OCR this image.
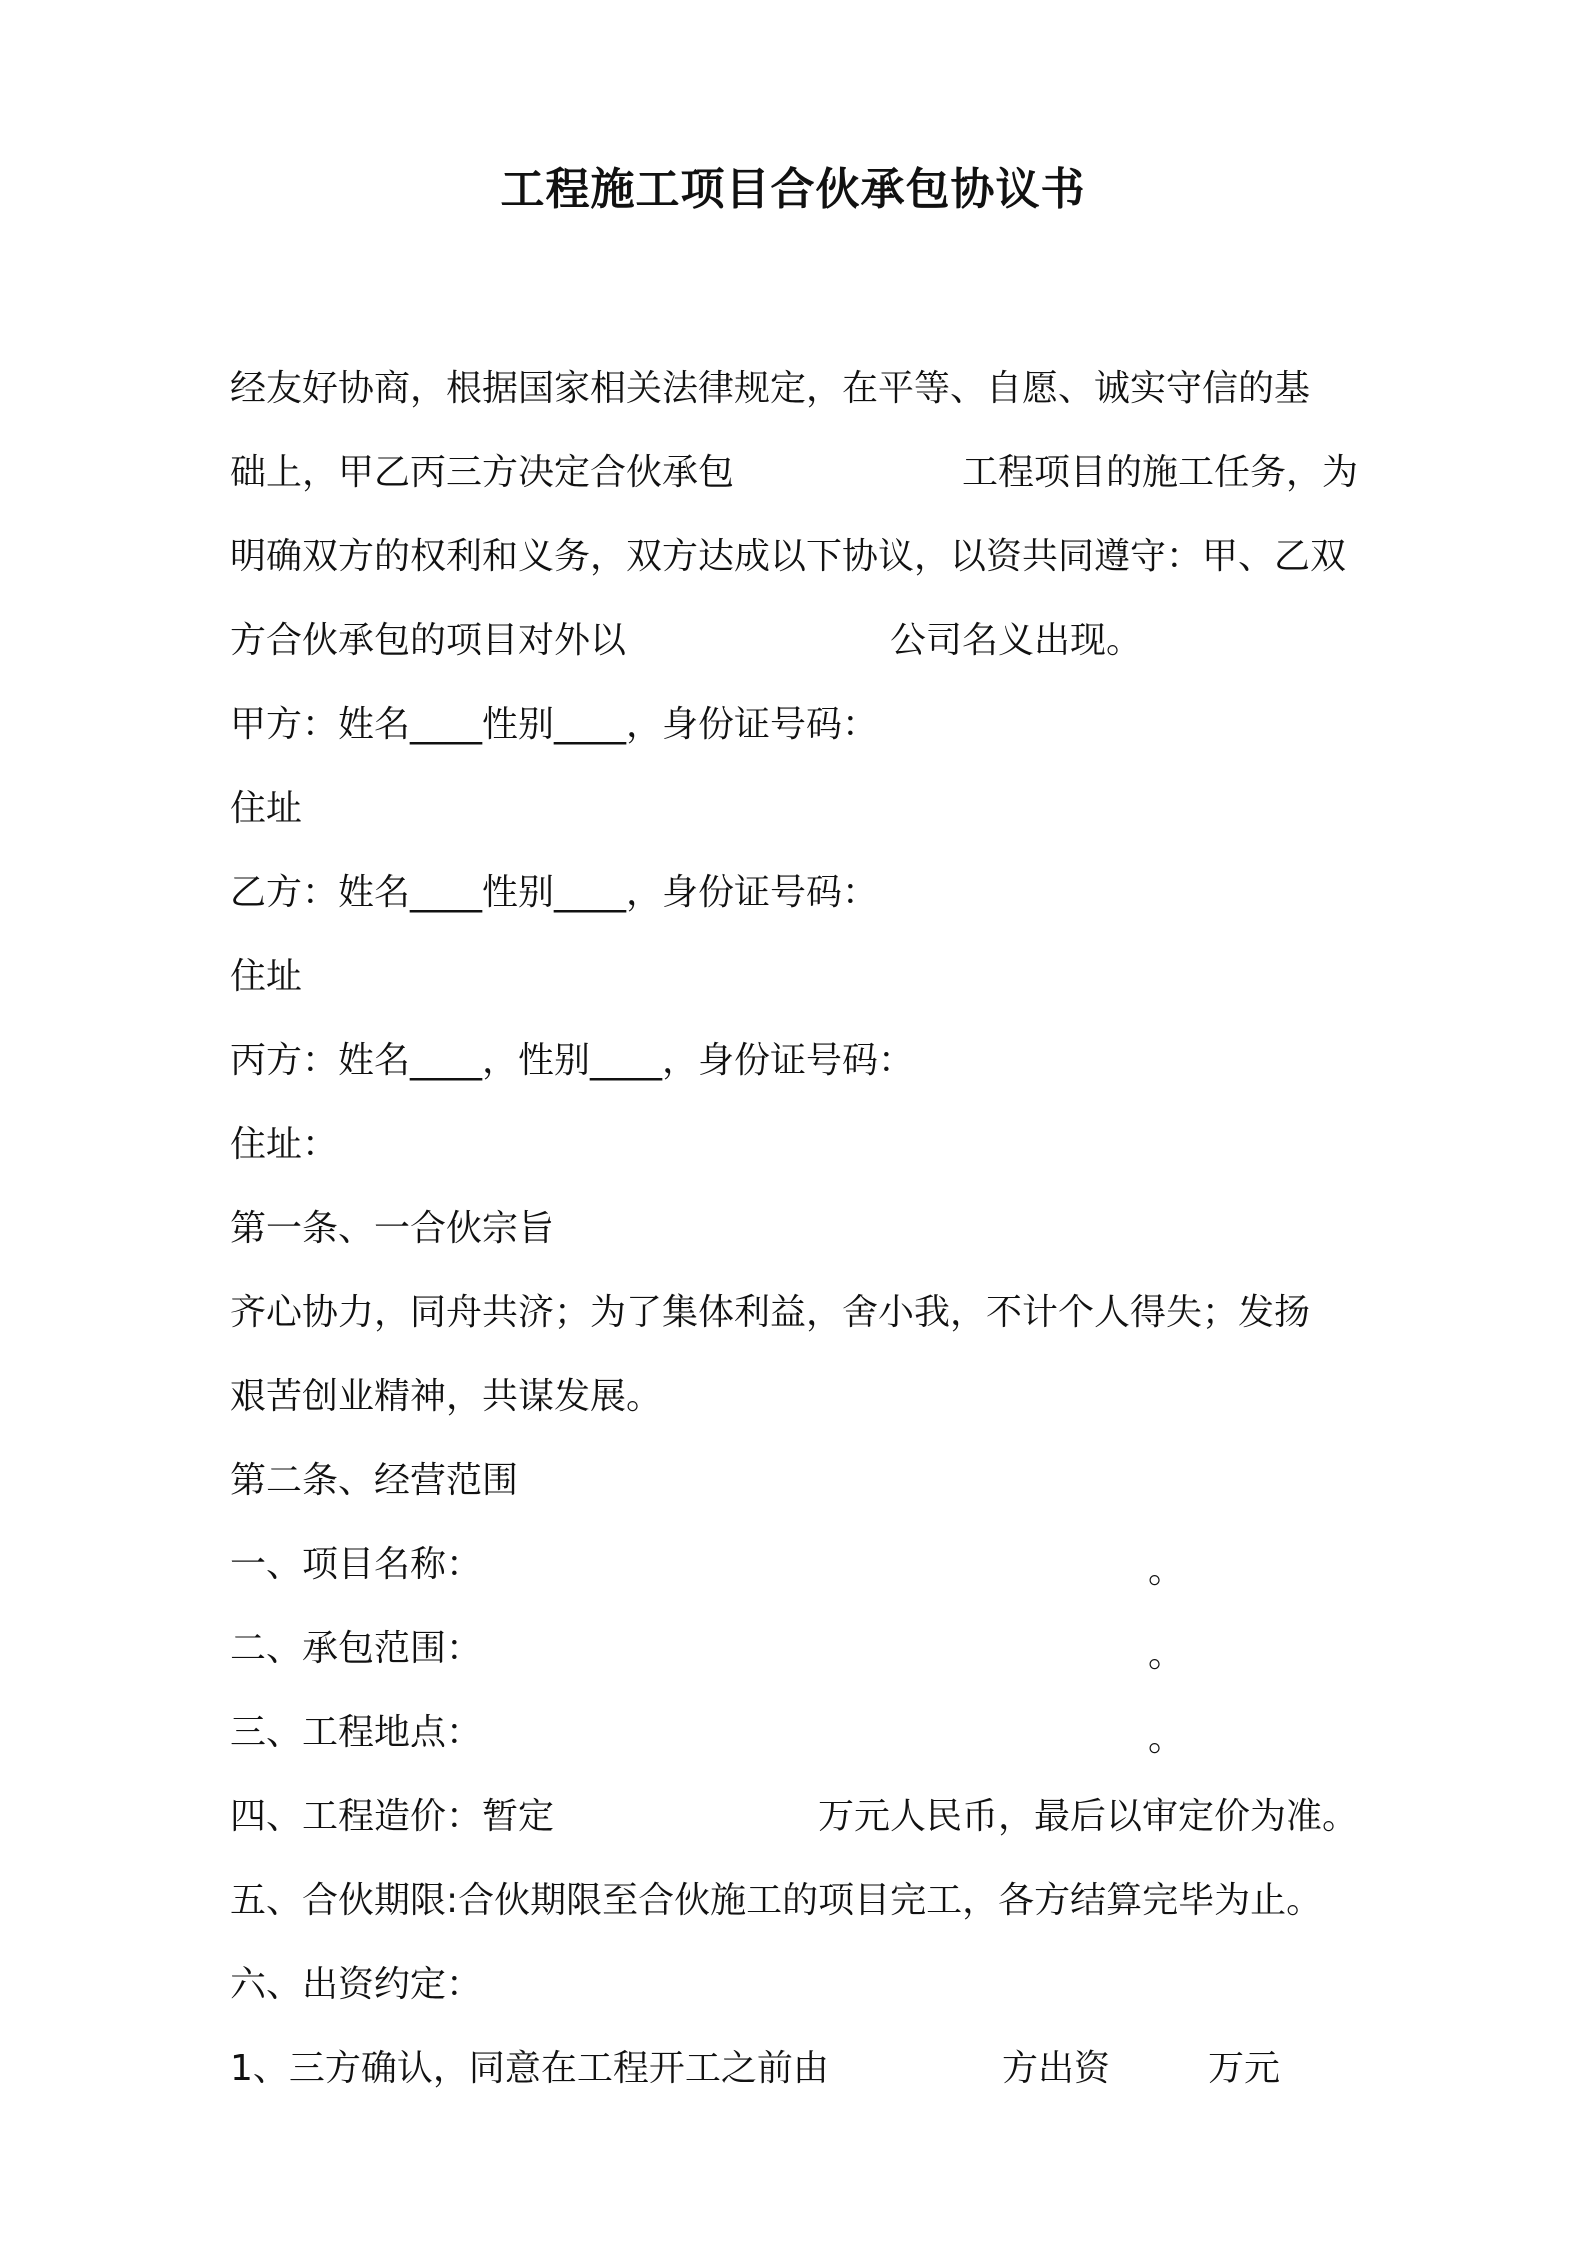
工程施工项目合伙承包协议书
经友好协商，根据国家相关法律规定，在平等、自愿、诚实守信的基
础上，甲乙丙三方决定合伙承包	工程项目的施工任务，为
明确双方的权利和义务，双方达成以下协议，以资共同遵守：甲、乙双
方合伙承包的项目对外以	公司名义出现。
甲方：姓名____性别____，身份证号码：
住址
乙方：姓名____性别____，身份证号码：
住址
丙方：姓名____，性别____，身份证号码：
住址：
第一条、一合伙宗旨
齐心协力，同舟共济；为了集体利益，舍小我，不计个人得失；发扬
艰苦创业精神，共谋发展。
第二条、经营范围
一、项目名称：	。
二、承包范围：	。
三、工程地点：	。
四、工程造价：暂定	万元人民币，最后以审定价为准。
五、合伙期限:合伙期限至合伙施工的项目完工，各方结算完毕为止。
六、出资约定：
1、三方确认，同意在工程开工之前由	方出资	万元
